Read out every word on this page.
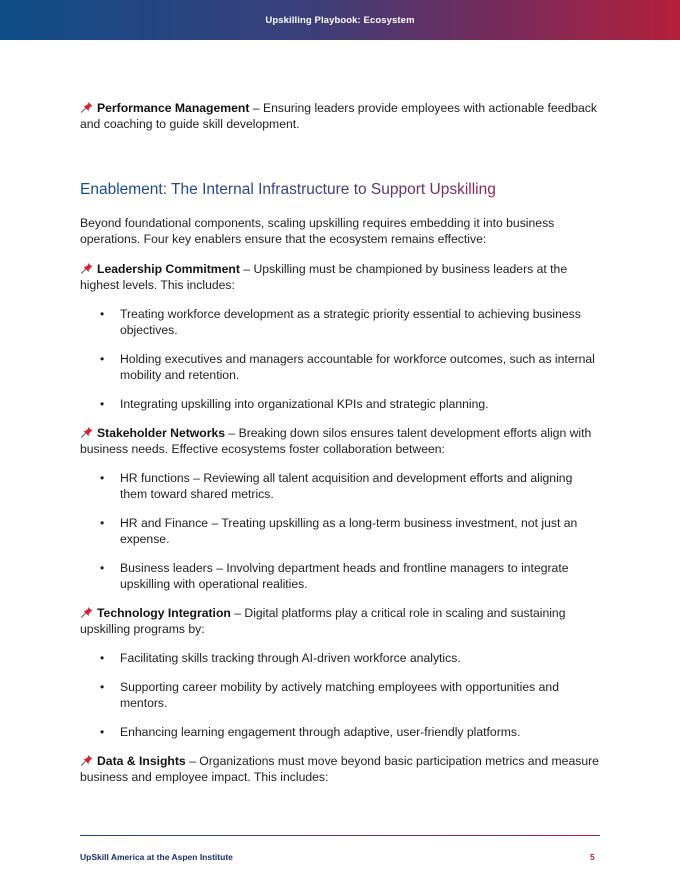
Upskilling Playbook: Ecosystem

Performance Management – Ensuring leaders provide employees with actionable feedback and coaching to guide skill development.

Enablement: The Internal Infrastructure to Support Upskilling

Beyond foundational components, scaling upskilling requires embedding it into business operations. Four key enablers ensure that the ecosystem remains effective:

Leadership Commitment – Upskilling must be championed by business leaders at the highest levels. This includes:

• Treating workforce development as a strategic priority essential to achieving business objectives.
• Holding executives and managers accountable for workforce outcomes, such as internal mobility and retention.
• Integrating upskilling into organizational KPIs and strategic planning.

Stakeholder Networks – Breaking down silos ensures talent development efforts align with business needs. Effective ecosystems foster collaboration between:

• HR functions – Reviewing all talent acquisition and development efforts and aligning them toward shared metrics.
• HR and Finance – Treating upskilling as a long-term business investment, not just an expense.
• Business leaders – Involving department heads and frontline managers to integrate upskilling with operational realities.

Technology Integration – Digital platforms play a critical role in scaling and sustaining upskilling programs by:

• Facilitating skills tracking through AI-driven workforce analytics.
• Supporting career mobility by actively matching employees with opportunities and mentors.
• Enhancing learning engagement through adaptive, user-friendly platforms.

Data & Insights – Organizations must move beyond basic participation metrics and measure business and employee impact. This includes:

UpSkill America at the Aspen Institute	5
